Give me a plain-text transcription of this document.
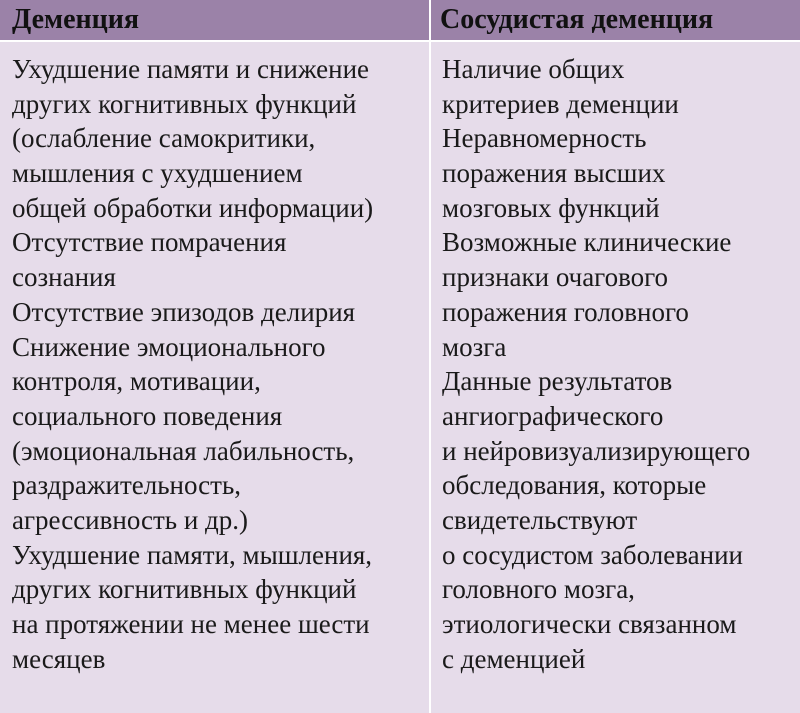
Деменция	Сосудистая деменция
Ухудшение памяти и снижение
других когнитивных функций
(ослабление самокритики,
мышления с ухудшением
общей обработки информации)
Отсутствие помрачения
сознания
Отсутствие эпизодов делирия
Снижение эмоционального
контроля, мотивации,
социального поведения
(эмоциональная лабильность,
раздражительность,
агрессивность и др.)
Ухудшение памяти, мышления,
других когнитивных функций
на протяжении не менее шести
месяцев
Наличие общих
критериев деменции
Неравномерность
поражения высших
мозговых функций
Возможные клинические
признаки очагового
поражения головного
мозга
Данные результатов
ангиографического
и нейровизуализирующего
обследования, которые
свидетельствуют
о сосудистом заболевании
головного мозга,
этиологически связанном
с деменцией
